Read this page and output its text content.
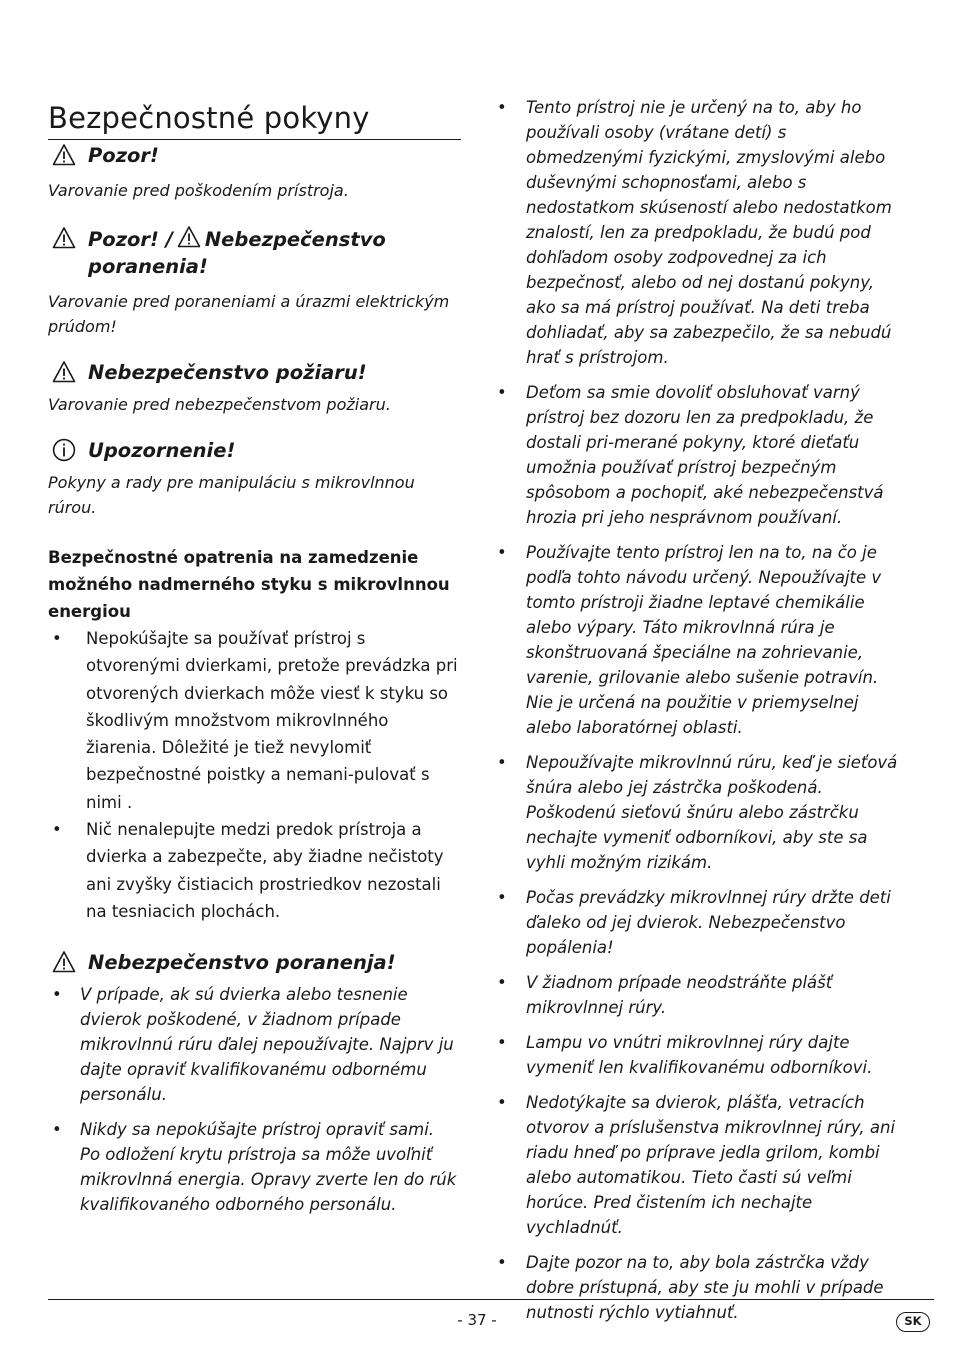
Bezpečnostné pokyny
Pozor!

Varovanie pred poškodením prístroja.

Pozor! / Nebezpečenstvo poranenia!

Varovanie pred poraneniami a úrazmi elektrickým prúdom!

Nebezpečenstvo požiaru!

Varovanie pred nebezpečenstvom požiaru.

Upozornenie!

Pokyny a rady pre manipuláciu s mikrovlnnou rúrou.

Bezpečnostné opatrenia na zamedzenie možného nadmerného styku s mikrovlnnou energiou

• Nepokúšajte sa používať prístroj s otvorenými dvierkami, pretože prevádzka pri otvorených dvierkach môže viesť k styku so škodlivým množstvom mikrovlnného žiarenia. Dôležité je tiež nevylomiť bezpečnostné poistky a nemani-pulovať s nimi .
• Nič nenalepujte medzi predok prístroja a dvierka a zabezpečte, aby žiadne nečistoty ani zvyšky čistiacich prostriedkov nezostali na tesniacich plochách.
Nebezpečenstvo poranenja!
• V prípade, ak sú dvierka alebo tesnenie dvierok poškodené, v žiadnom prípade mikrovlnnú rúru ďalej nepoužívajte. Najprv ju dajte opraviť kvalifikovanému odbornému personálu.
• Nikdy sa nepokúšajte prístroj opraviť sami.
Po odložení krytu prístroja sa môže uvoľniť mikrovlnná energia. Opravy zverte len do rúk kvalifikovaného odborného personálu.
• Tento prístroj nie je určený na to, aby ho používali osoby (vrátane detí) s obmedzenými fyzickými, zmyslovými alebo duševnými schopnosťami, alebo s nedostatkom skúseností alebo nedostatkom znalostí, len za predpokladu, že budú pod dohľadom osoby zodpovednej za ich bezpečnosť, alebo od nej dostanú pokyny, ako sa má prístroj používať. Na deti treba dohliadať, aby sa zabezpečilo, že sa nebudú hrať s prístrojom.
• Deťom sa smie dovoliť obsluhovať varný prístroj bez dozoru len za predpokladu, že dostali pri-merané pokyny, ktoré dieťaťu umožnia používať prístroj bezpečným spôsobom a pochopiť, aké nebezpečenstvá hrozia pri jeho nesprávnom používaní.
• Používajte tento prístroj len na to, na čo je podľa tohto návodu určený. Nepoužívajte v tomto prístroji žiadne leptavé chemikálie alebo výpary. Táto mikrovlnná rúra je skonštruovaná špeciálne na zohrievanie, varenie, grilovanie alebo sušenie potravín.
Nie je určená na použitie v priemyselnej alebo laboratórnej oblasti.
• Nepoužívajte mikrovlnnú rúru, keď je sieťová šnúra alebo jej zástrčka poškodená. Poškodenú sieťovú šnúru alebo zástrčku nechajte vymeniť odborníkovi, aby ste sa vyhli možným rizikám.
• Počas prevádzky mikrovlnnej rúry držte deti ďaleko od jej dvierok. Nebezpečenstvo popálenia!
• V žiadnom prípade neodstráňte plášť mikrovlnnej rúry.
• Lampu vo vnútri mikrovlnnej rúry dajte vymeniť len kvalifikovanému odborníkovi.
• Nedotýkajte sa dvierok, plášťa, vetracích otvorov a príslušenstva mikrovlnnej rúry, ani riadu hneď po príprave jedla grilom, kombi alebo automatikou. Tieto časti sú veľmi horúce. Pred čistením ich nechajte vychladnúť.
• Dajte pozor na to, aby bola zástrčka vždy dobre prístupná, aby ste ju mohli v prípade nutnosti rýchlo vytiahnuť.
- 37 -	SK
